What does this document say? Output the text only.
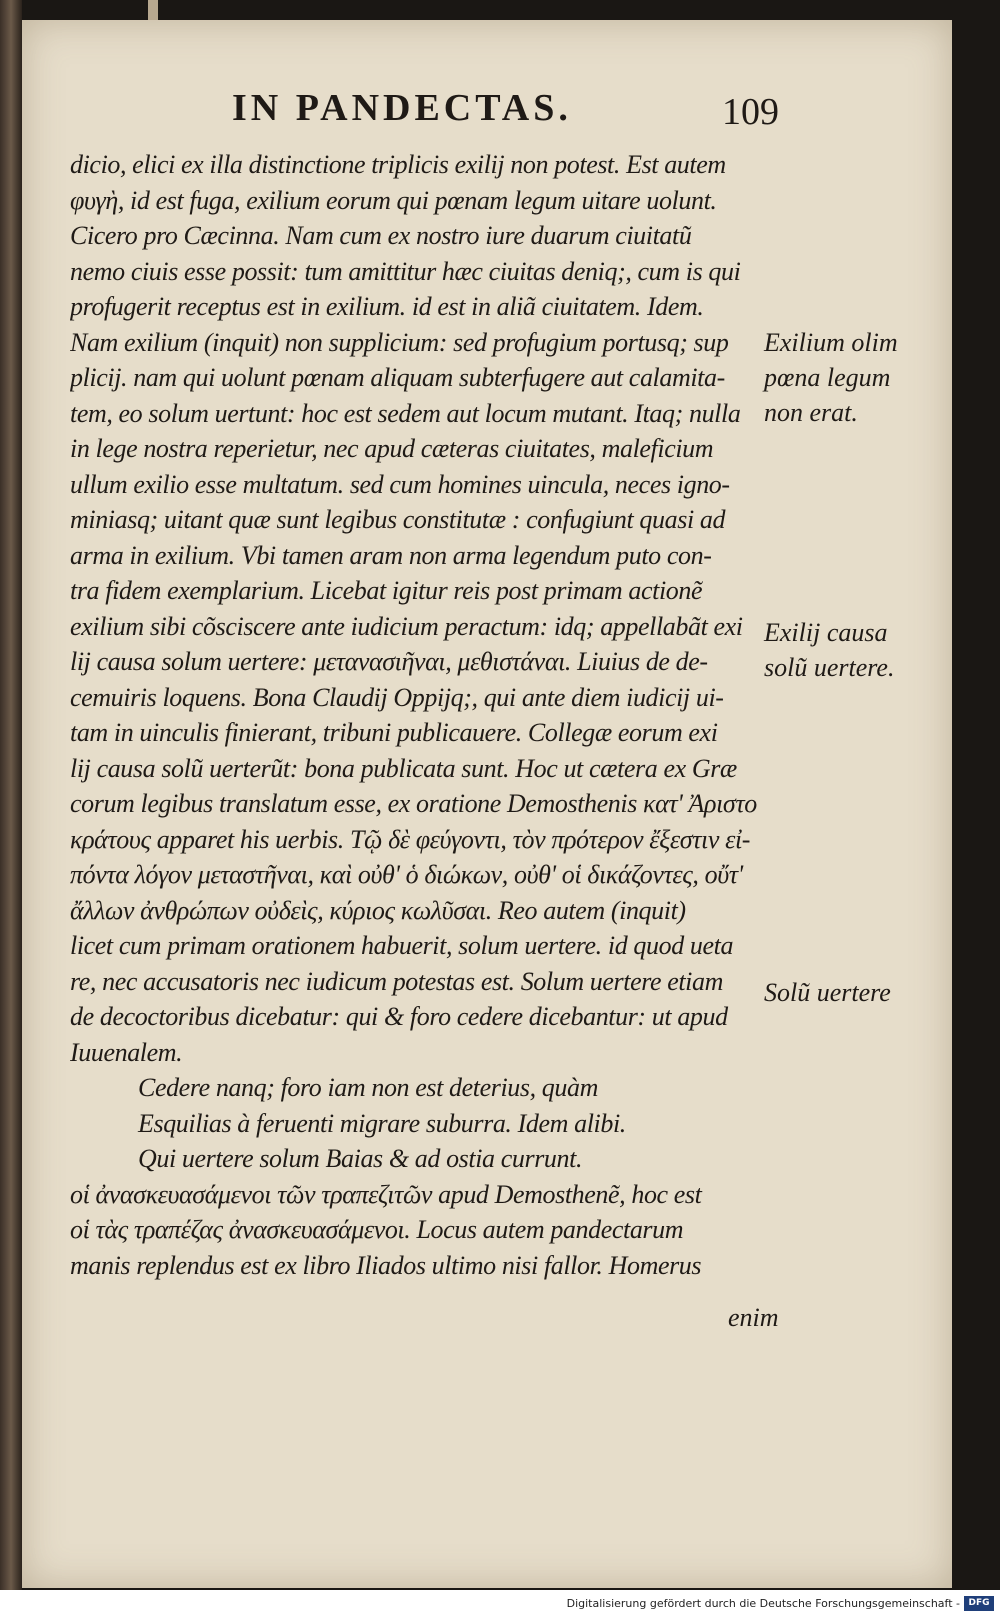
IN PANDECTAS.	109
dicio, elici ex illa distinctione triplicis exilij non potest. Est autem
φυγὴ, id est fuga, exilium eorum qui pœnam legum uitare uolunt.
Cicero pro Cæcinna. Nam cum ex nostro iure duarum ciuitatũ
nemo ciuis esse possit: tum amittitur hæc ciuitas deniq;, cum is qui
profugerit receptus est in exilium. id est in aliã ciuitatem. Idem.
Nam exilium (inquit) non supplicium: sed profugium portusq; sup
plicij. nam qui uolunt pœnam aliquam subterfugere aut calamita-
tem, eo solum uertunt: hoc est sedem aut locum mutant. Itaq; nulla
in lege nostra reperietur, nec apud cæteras ciuitates, maleficium
ullum exilio esse multatum. sed cum homines uincula, neces igno-
miniasq; uitant quæ sunt legibus constitutæ : confugiunt quasi ad
arma in exilium. Vbi tamen aram non arma legendum puto con-
tra fidem exemplarium. Licebat igitur reis post primam actionẽ
exilium sibi cõsciscere ante iudicium peractum: idq; appellabãt exi
lij causa solum uertere: μετανασιῆναι, μεθιστάναι. Liuius de de-
cemuiris loquens. Bona Claudij Oppijq;, qui ante diem iudicij ui-
tam in uinculis finierant, tribuni publicauere. Collegæ eorum exi
lij causa solũ uerterũt: bona publicata sunt. Hoc ut cætera ex Græ
corum legibus translatum esse, ex oratione Demosthenis κατ' Ἀριστο
κράτους apparet his uerbis. Τῷ δὲ φεύγοντι, τὸν πρότερον ἔξεστιν εἰ-
πόντα λόγον μεταστῆναι, καὶ οὐθ' ὁ διώκων, οὐθ' οἱ δικάζοντες, οὔτ'
ἄλλων ἀνθρώπων οὐδεὶς, κύριος κωλῦσαι. Reo autem (inquit)
licet cum primam orationem habuerit, solum uertere. id quod ueta
re, nec accusatoris nec iudicum potestas est. Solum uertere etiam
de decoctoribus dicebatur: qui & foro cedere dicebantur: ut apud
Iuuenalem.
Cedere nanq; foro iam non est deterius, quàm
Esquilias à feruenti migrare suburra. Idem alibi.
Qui uertere solum Baias & ad ostia currunt.
οἱ ἀνασκευασάμενοι τῶν τραπεζιτῶν apud Demosthenẽ, hoc est
οἱ τὰς τραπέζας ἀνασκευασάμενοι. Locus autem pandectarum
manis replendus est ex libro Iliados ultimo nisi fallor. Homerus
Exilium olim
pœna legum
non erat.
Exilij causa
solũ uertere.
Solũ uertere
enim
Digitalisierung gefördert durch die Deutsche Forschungsgemeinschaft - DFG
